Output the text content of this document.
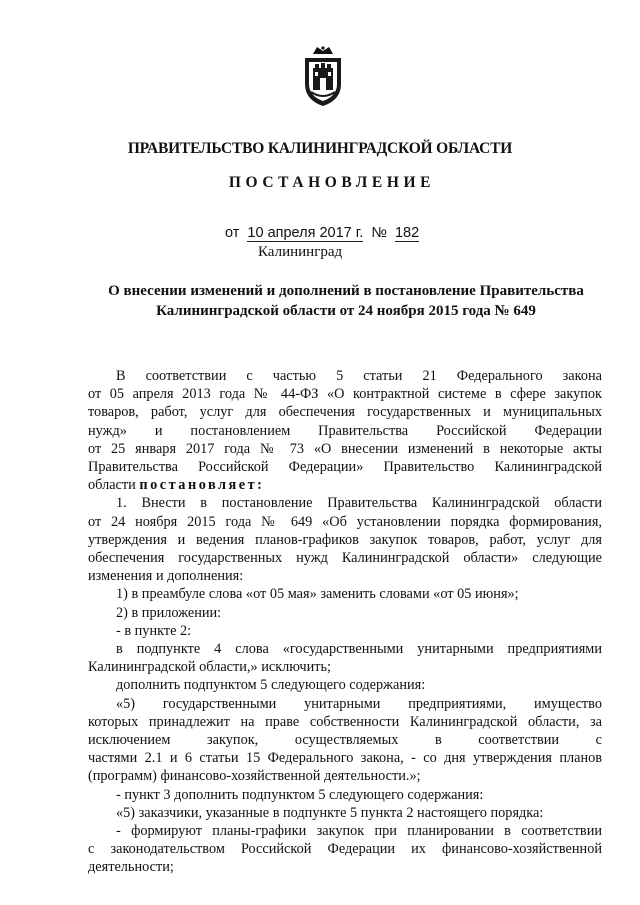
ПРАВИТЕЛЬСТВО КАЛИНИНГРАДСКОЙ ОБЛАСТИ
ПОСТАНОВЛЕНИЕ
от 10 апреля 2017 г. № 182
Калининград
О внесении изменений и дополнений в постановление Правительства
Калининградской области от 24 ноября 2015 года № 649

В соответствии с частью 5 статьи 21 Федерального закона

от 05 апреля 2013 года № 44-ФЗ «О контрактной системе в сфере закупок

товаров, работ, услуг для обеспечения государственных и муниципальных

нужд» и постановлением Правительства Российской Федерации

от 25 января 2017 года № 73 «О внесении изменений в некоторые акты

Правительства Российской Федерации» Правительство Калининградской

области постановляет:

1. Внести в постановление Правительства Калининградской области

от 24 ноября 2015 года № 649 «Об установлении порядка формирования,

утверждения и ведения планов-графиков закупок товаров, работ, услуг для

обеспечения государственных нужд Калининградской области» следующие

изменения и дополнения:

1) в преамбуле слова «от 05 мая» заменить словами «от 05 июня»;

2) в приложении:

- в пункте 2:

в подпункте 4 слова «государственными унитарными предприятиями

Калининградской области,» исключить;

дополнить подпунктом 5 следующего содержания:

«5) государственными унитарными предприятиями, имущество

которых принадлежит на праве собственности Калининградской области, за

исключением закупок, осуществляемых в соответствии с

частями 2.1 и 6 статьи 15 Федерального закона, - со дня утверждения планов

(программ) финансово-хозяйственной деятельности.»;

- пункт 3 дополнить подпунктом 5 следующего содержания:

«5) заказчики, указанные в подпункте 5 пункта 2 настоящего порядка:

- формируют планы-графики закупок при планировании в соответствии

с законодательством Российской Федерации их финансово-хозяйственной

деятельности;
